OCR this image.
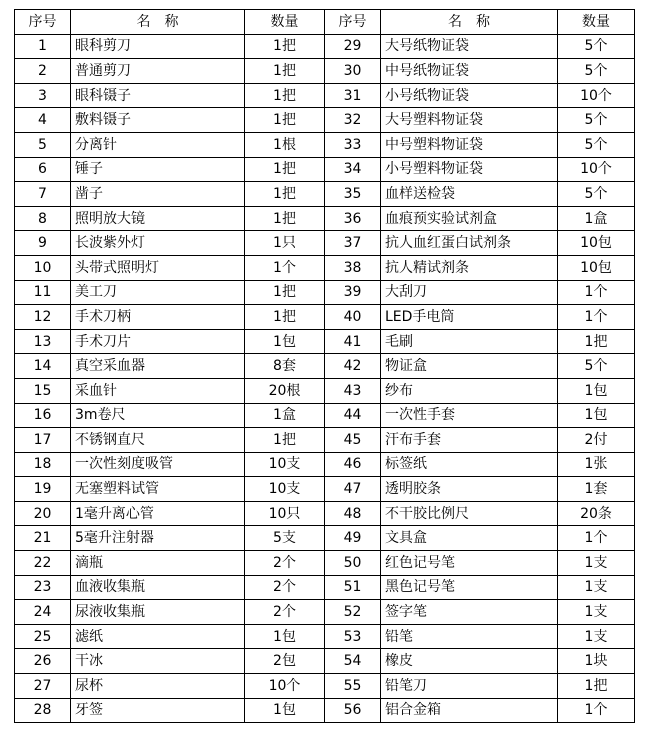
序号	名　称	数量	序号	名　称	数量
1	眼科剪刀	1把	29	大号纸物证袋	5个
2	普通剪刀	1把	30	中号纸物证袋	5个
3	眼科镊子	1把	31	小号纸物证袋	10个
4	敷料镊子	1把	32	大号塑料物证袋	5个
5	分离针	1根	33	中号塑料物证袋	5个
6	锤子	1把	34	小号塑料物证袋	10个
7	凿子	1把	35	血样送检袋	5个
8	照明放大镜	1把	36	血痕预实验试剂盒	1盒
9	长波紫外灯	1只	37	抗人血红蛋白试剂条	10包
10	头带式照明灯	1个	38	抗人精试剂条	10包
11	美工刀	1把	39	大刮刀	1个
12	手术刀柄	1把	40	LED手电筒	1个
13	手术刀片	1包	41	毛刷	1把
14	真空采血器	8套	42	物证盒	5个
15	采血针	20根	43	纱布	1包
16	3m卷尺	1盒	44	一次性手套	1包
17	不锈钢直尺	1把	45	汗布手套	2付
18	一次性刻度吸管	10支	46	标签纸	1张
19	无塞塑料试管	10支	47	透明胶条	1套
20	1毫升离心管	10只	48	不干胶比例尺	20条
21	5毫升注射器	5支	49	文具盒	1个
22	滴瓶	2个	50	红色记号笔	1支
23	血液收集瓶	2个	51	黑色记号笔	1支
24	尿液收集瓶	2个	52	签字笔	1支
25	滤纸	1包	53	铅笔	1支
26	干冰	2包	54	橡皮	1块
27	尿杯	10个	55	铅笔刀	1把
28	牙签	1包	56	铝合金箱	1个
